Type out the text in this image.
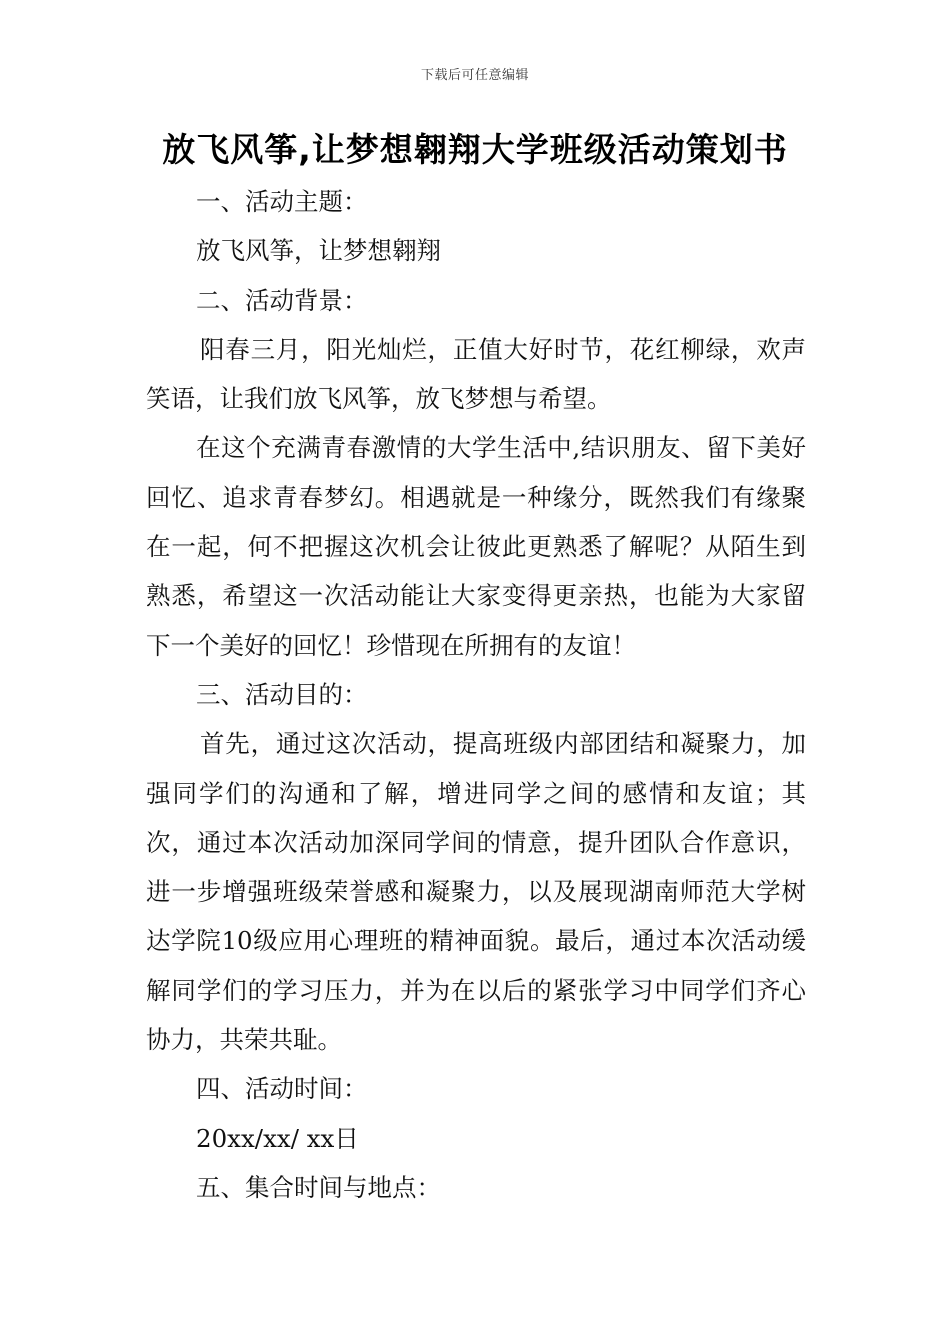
下载后可任意编辑
放飞风筝,让梦想翱翔大学班级活动策划书

一、活动主题：

放飞风筝，让梦想翱翔

二、活动背景：

阳春三月，阳光灿烂，正值大好时节，花红柳绿，欢声笑语，让我们放飞风筝，放飞梦想与希望。

在这个充满青春激情的大学生活中,结识朋友、留下美好回忆、追求青春梦幻。相遇就是一种缘分，既然我们有缘聚在一起，何不把握这次机会让彼此更熟悉了解呢？从陌生到熟悉，希望这一次活动能让大家变得更亲热，也能为大家留下一个美好的回忆！珍惜现在所拥有的友谊！

三、活动目的：

首先，通过这次活动，提高班级内部团结和凝聚力，加强同学们的沟通和了解，增进同学之间的感情和友谊；其次，通过本次活动加深同学间的情意，提升团队合作意识，进一步增强班级荣誉感和凝聚力，以及展现湖南师范大学树达学院10级应用心理班的精神面貌。最后，通过本次活动缓解同学们的学习压力，并为在以后的紧张学习中同学们齐心协力，共荣共耻。

四、活动时间：

20xx/xx/ xx日

五、集合时间与地点：
